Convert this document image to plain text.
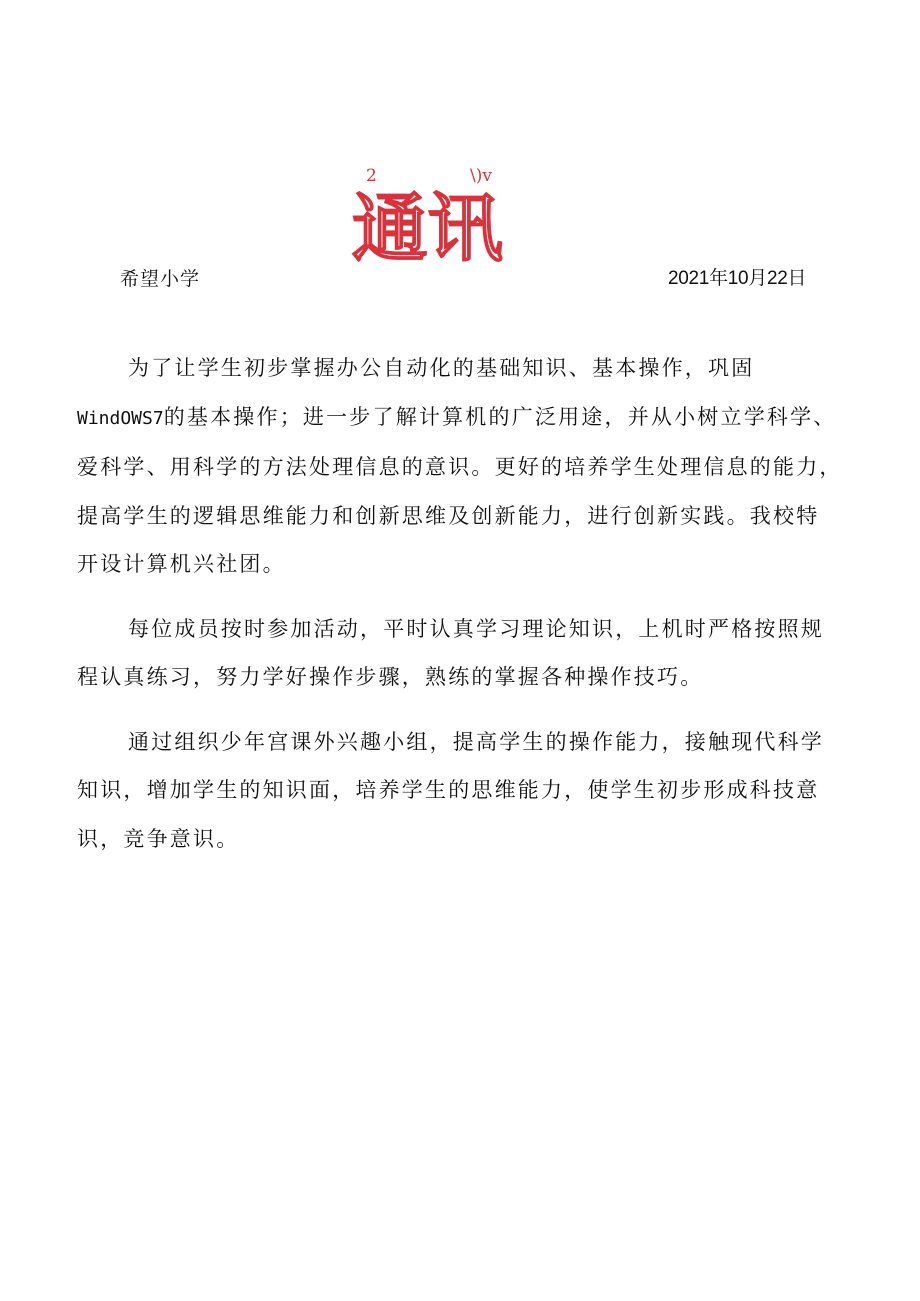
2	\)v
通讯
希望小学	2021年10月22日
为了让学生初步掌握办公自动化的基础知识、基本操作，巩固
WindOWS7的基本操作；进一步了解计算机的广泛用途，并从小树立学科学、
爱科学、用科学的方法处理信息的意识。更好的培养学生处理信息的能力，
提高学生的逻辑思维能力和创新思维及创新能力，进行创新实践。我校特
开设计算机兴社团。
每位成员按时参加活动，平时认真学习理论知识，上机时严格按照规
程认真练习，努力学好操作步骤，熟练的掌握各种操作技巧。
通过组织少年宫课外兴趣小组，提高学生的操作能力，接触现代科学
知识，增加学生的知识面，培养学生的思维能力，使学生初步形成科技意
识，竞争意识。
